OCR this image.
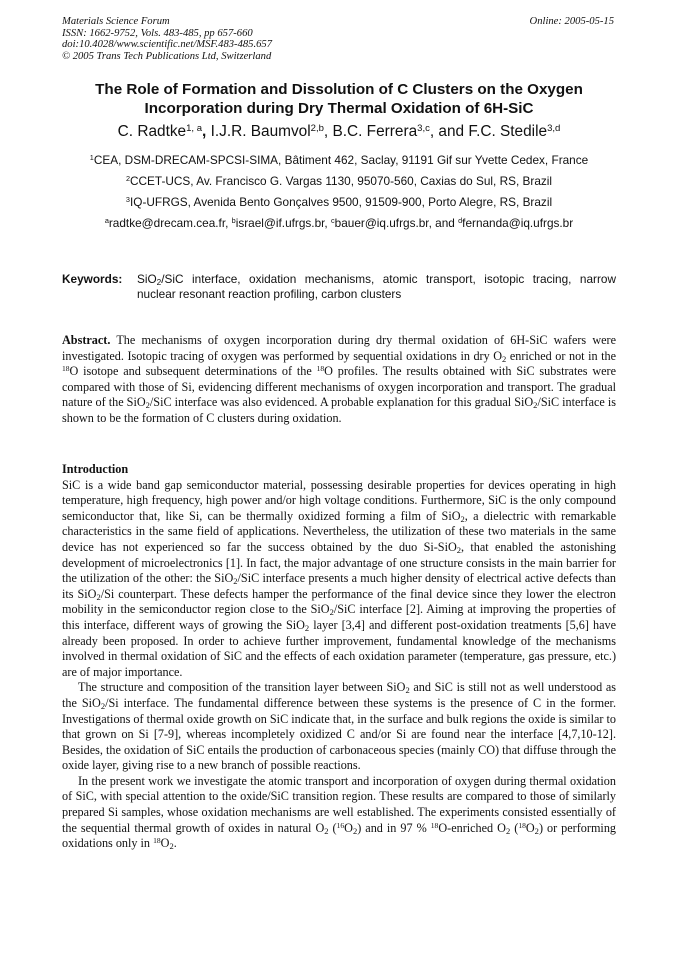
Materials Science Forum
ISSN: 1662-9752, Vols. 483-485, pp 657-660
doi:10.4028/www.scientific.net/MSF.483-485.657
© 2005 Trans Tech Publications Ltd, Switzerland
Online: 2005-05-15
The Role of Formation and Dissolution of C Clusters on the Oxygen
Incorporation during Dry Thermal Oxidation of 6H-SiC
C. Radtke$^{1, a}$, I.J.R. Baumvol$^{2,b}$, B.C. Ferrera$^{3,c}$, and F.C. Stedile$^{3,d}$
$^1$CEA, DSM-DRECAM-SPCSI-SIMA, Bâtiment 462, Saclay, 91191 Gif sur Yvette Cedex, France
$^2$CCET-UCS, Av. Francisco G. Vargas 1130, 95070-560, Caxias do Sul, RS, Brazil
$^3$IQ-UFRGS, Avenida Bento Gonçalves 9500, 91509-900, Porto Alegre, RS, Brazil
$^a$radtke@drecam.cea.fr, $^b$israel@if.ufrgs.br, $^c$bauer@iq.ufrgs.br, and $^d$fernanda@iq.ufrgs.br
Keywords: SiO$_2$/SiC interface, oxidation mechanisms, atomic transport, isotopic tracing, narrow nuclear resonant reaction profiling, carbon clusters

Abstract. The mechanisms of oxygen incorporation during dry thermal oxidation of 6H-SiC wafers were investigated. Isotopic tracing of oxygen was performed by sequential oxidations in dry $O_2$ enriched or not in the $^{18}$O isotope and subsequent determinations of the $^{18}$O profiles. The results obtained with SiC substrates were compared with those of Si, evidencing different mechanisms of oxygen incorporation and transport. The gradual nature of the SiO$_2$/SiC interface was also evidenced. A probable explanation for this gradual SiO$_2$/SiC interface is shown to be the formation of C clusters during oxidation.

Introduction

SiC is a wide band gap semiconductor material, possessing desirable properties for devices operating in high temperature, high frequency, high power and/or high voltage conditions. Furthermore, SiC is the only compound semiconductor that, like Si, can be thermally oxidized forming a film of SiO$_2$, a dielectric with remarkable characteristics in the same field of applications. Nevertheless, the utilization of these two materials in the same device has not experienced so far the success obtained by the duo Si-SiO$_2$, that enabled the astonishing development of microelectronics [1]. In fact, the major advantage of one structure consists in the main barrier for the utilization of the other: the SiO$_2$/SiC interface presents a much higher density of electrical active defects than its SiO$_2$/Si counterpart. These defects hamper the performance of the final device since they lower the electron mobility in the semiconductor region close to the SiO$_2$/SiC interface [2]. Aiming at improving the properties of this interface, different ways of growing the SiO$_2$ layer [3,4] and different post-oxidation treatments [5,6] have already been proposed. In order to achieve further improvement, fundamental knowledge of the mechanisms involved in thermal oxidation of SiC and the effects of each oxidation parameter (temperature, gas pressure, etc.) are of major importance.

The structure and composition of the transition layer between SiO$_2$ and SiC is still not as well understood as the SiO$_2$/Si interface. The fundamental difference between these systems is the presence of C in the former. Investigations of thermal oxide growth on SiC indicate that, in the surface and bulk regions the oxide is similar to that grown on Si [7-9], whereas incompletely oxidized C and/or Si are found near the interface [4,7,10-12]. Besides, the oxidation of SiC entails the production of carbonaceous species (mainly CO) that diffuse through the oxide layer, giving rise to a new branch of possible reactions.

In the present work we investigate the atomic transport and incorporation of oxygen during thermal oxidation of SiC, with special attention to the oxide/SiC transition region. These results are compared to those of similarly prepared Si samples, whose oxidation mechanisms are well established. The experiments consisted essentially of the sequential thermal growth of oxides in natural $O_2$ $(^{16}O_2)$ and in 97 % $^{18}$O-enriched $O_2$ $(^{18}O_2)$ or performing oxidations only in $^{18}O_2$.
